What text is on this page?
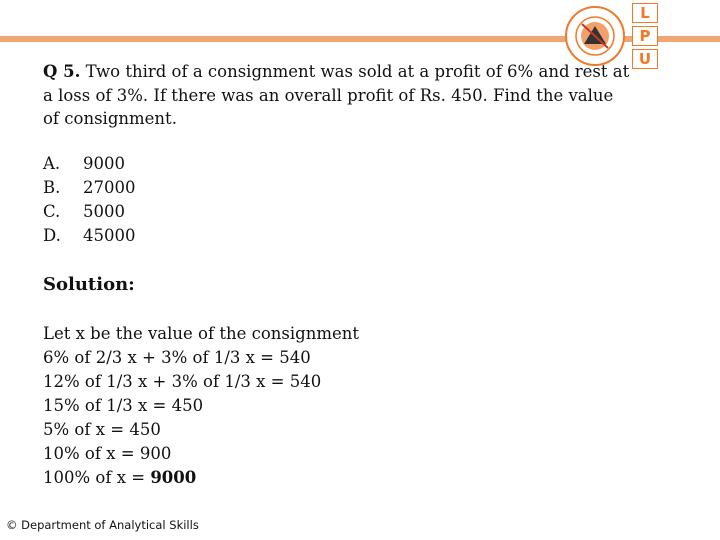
L
P
U
Q 5. Two third of a consignment was sold at a profit of 6% and rest at a loss of 3%. If there was an overall profit of Rs. 450. Find the value of consignment.
A.	9000
B.	27000
C.	5000
D.	45000
Solution:
Let x be the value of the consignment
6% of 2/3 x + 3% of 1/3 x = 540
12% of 1/3 x + 3% of 1/3 x = 540
15% of 1/3 x = 450
5% of x = 450
10% of x = 900
100% of x = 9000
© Department of Analytical Skills
